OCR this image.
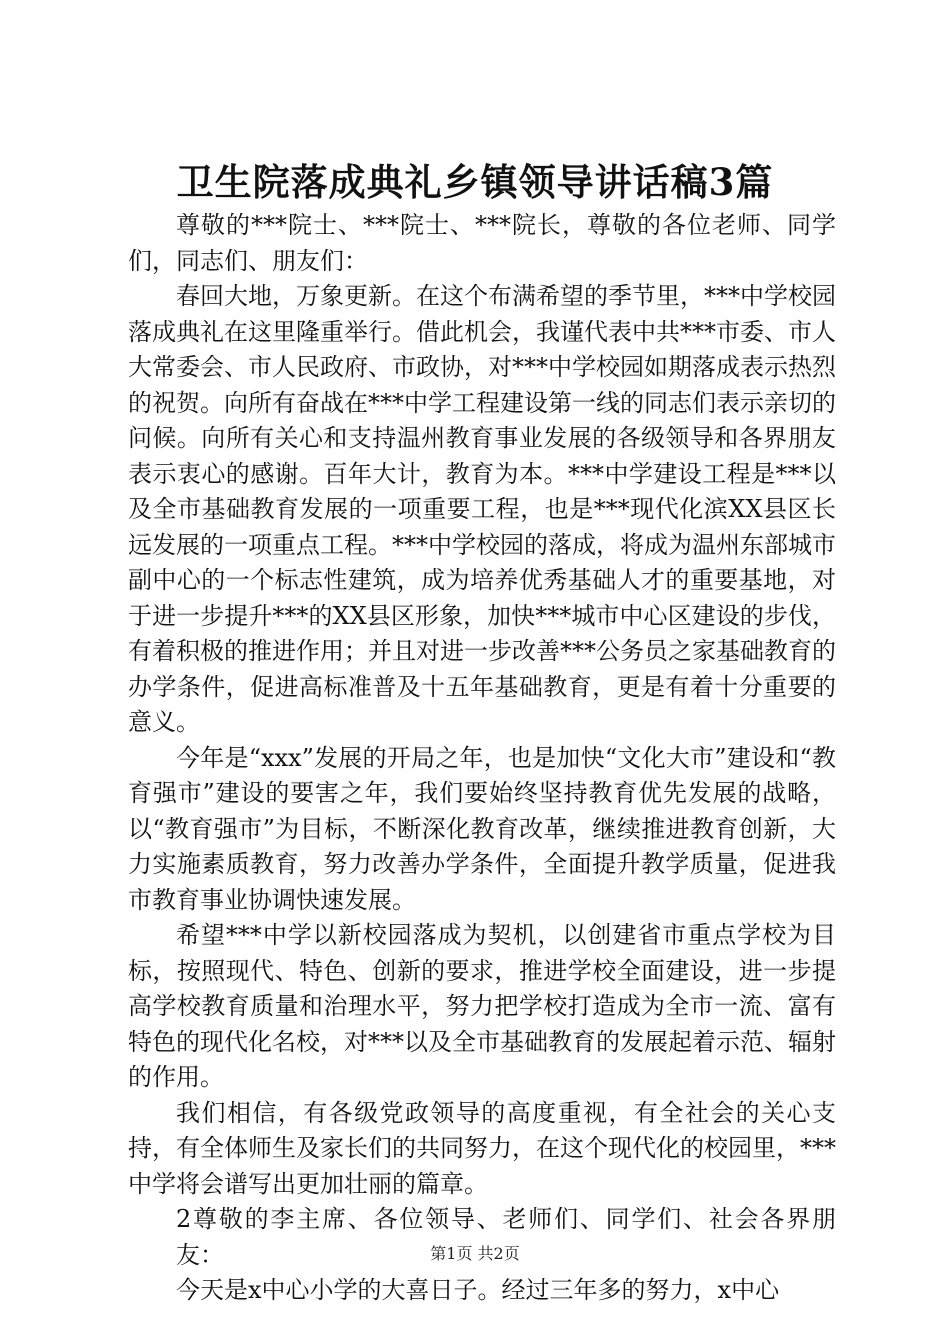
卫生院落成典礼乡镇领导讲话稿3篇

尊敬的***院士、***院士、***院长，尊敬的各位老师、同学们，同志们、朋友们：

春回大地，万象更新。在这个布满希望的季节里，***中学校园落成典礼在这里隆重举行。借此机会，我谨代表中共***市委、市人大常委会、市人民政府、市政协，对***中学校园如期落成表示热烈的祝贺。向所有奋战在***中学工程建设第一线的同志们表示亲切的问候。向所有关心和支持温州教育事业发展的各级领导和各界朋友表示衷心的感谢。百年大计，教育为本。***中学建设工程是***以及全市基础教育发展的一项重要工程，也是***现代化滨XX县区长远发展的一项重点工程。***中学校园的落成，将成为温州东部城市副中心的一个标志性建筑，成为培养优秀基础人才的重要基地，对于进一步提升***的XX县区形象，加快***城市中心区建设的步伐，有着积极的推进作用；并且对进一步改善***公务员之家基础教育的办学条件，促进高标准普及十五年基础教育，更是有着十分重要的意义。

今年是“xxx”发展的开局之年，也是加快“文化大市”建设和“教育强市”建设的要害之年，我们要始终坚持教育优先发展的战略，以“教育强市”为目标，不断深化教育改革，继续推进教育创新，大力实施素质教育，努力改善办学条件，全面提升教学质量，促进我市教育事业协调快速发展。

希望***中学以新校园落成为契机，以创建省市重点学校为目标，按照现代、特色、创新的要求，推进学校全面建设，进一步提高学校教育质量和治理水平，努力把学校打造成为全市一流、富有特色的现代化名校，对***以及全市基础教育的发展起着示范、辐射的作用。

我们相信，有各级党政领导的高度重视，有全社会的关心支持，有全体师生及家长们的共同努力，在这个现代化的校园里，***中学将会谱写出更加壮丽的篇章。

2尊敬的李主席、各位领导、老师们、同学们、社会各界朋友：

今天是x中心小学的大喜日子。经过三年多的努力，x中心

第1页 共2页
